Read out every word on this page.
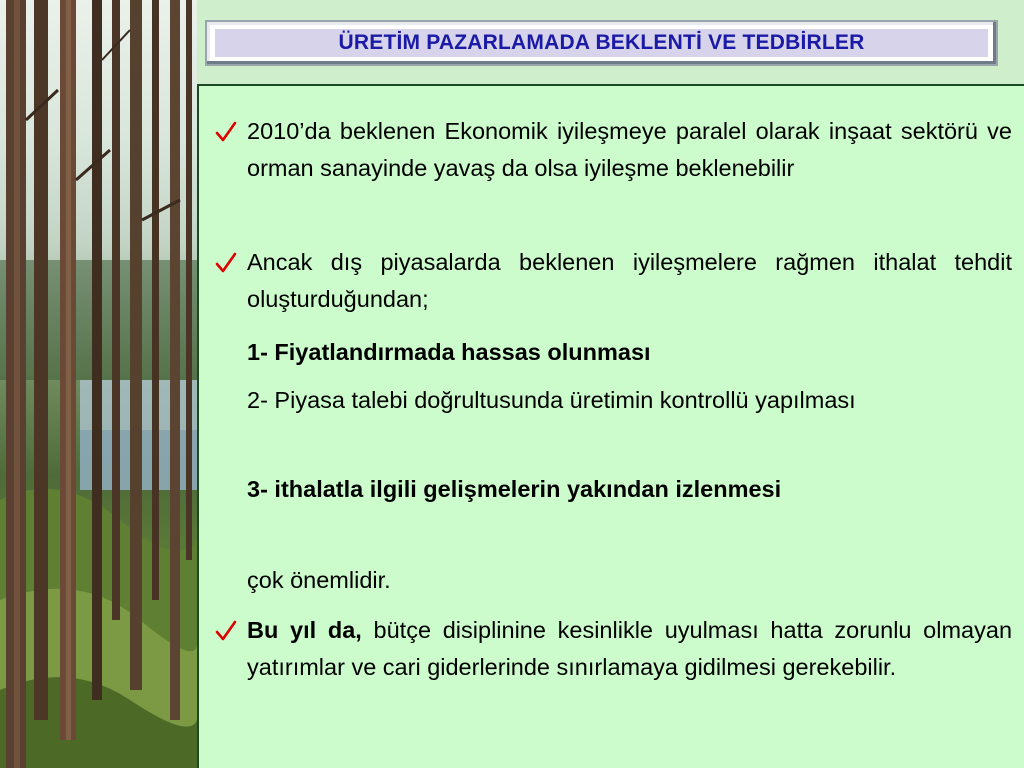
ÜRETİM PAZARLAMADA BEKLENTİ VE TEDBİRLER
2010’da beklenen Ekonomik iyileşmeye paralel olarak inşaat sektörü ve orman sanayinde yavaş da olsa iyileşme beklenebilir
Ancak dış piyasalarda beklenen iyileşmelere rağmen ithalat tehdit oluşturduğundan;
1- Fiyatlandırmada hassas olunması
2- Piyasa talebi doğrultusunda üretimin kontrollü yapılması
3- ithalatla ilgili gelişmelerin yakından izlenmesi
çok önemlidir.
Bu yıl da, bütçe disiplinine kesinlikle uyulması hatta zorunlu olmayan yatırımlar ve cari giderlerinde sınırlamaya gidilmesi gerekebilir.
